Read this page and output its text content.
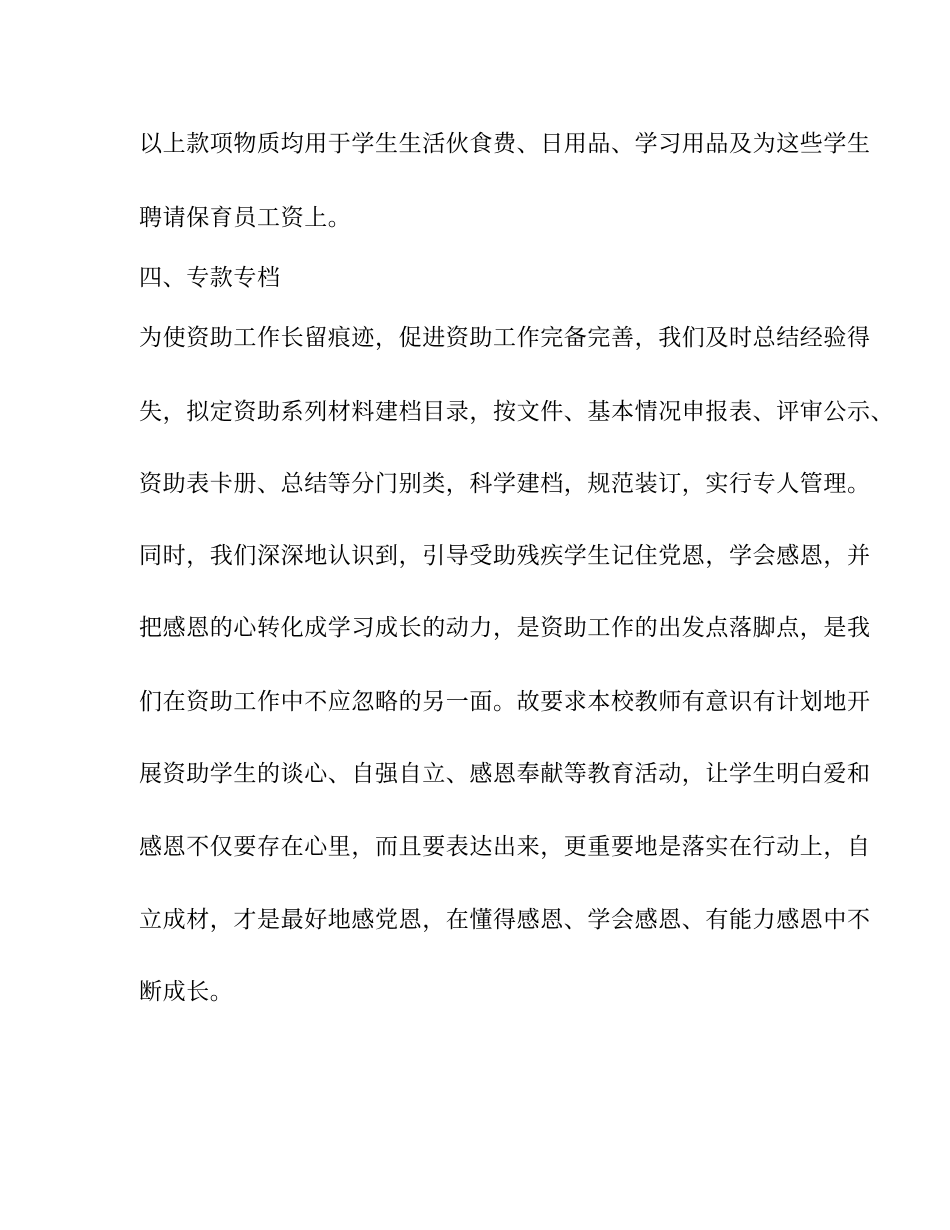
以上款项物质均用于学生生活伙食费、日用品、学习用品及为这些学生
聘请保育员工资上。
四、专款专档
为使资助工作长留痕迹，促进资助工作完备完善，我们及时总结经验得
失，拟定资助系列材料建档目录，按文件、基本情况申报表、评审公示、
资助表卡册、总结等分门别类，科学建档，规范装订，实行专人管理。
同时，我们深深地认识到，引导受助残疾学生记住党恩，学会感恩，并
把感恩的心转化成学习成长的动力，是资助工作的出发点落脚点，是我
们在资助工作中不应忽略的另一面。故要求本校教师有意识有计划地开
展资助学生的谈心、自强自立、感恩奉献等教育活动，让学生明白爱和
感恩不仅要存在心里，而且要表达出来，更重要地是落实在行动上，自
立成材，才是最好地感党恩，在懂得感恩、学会感恩、有能力感恩中不
断成长。
